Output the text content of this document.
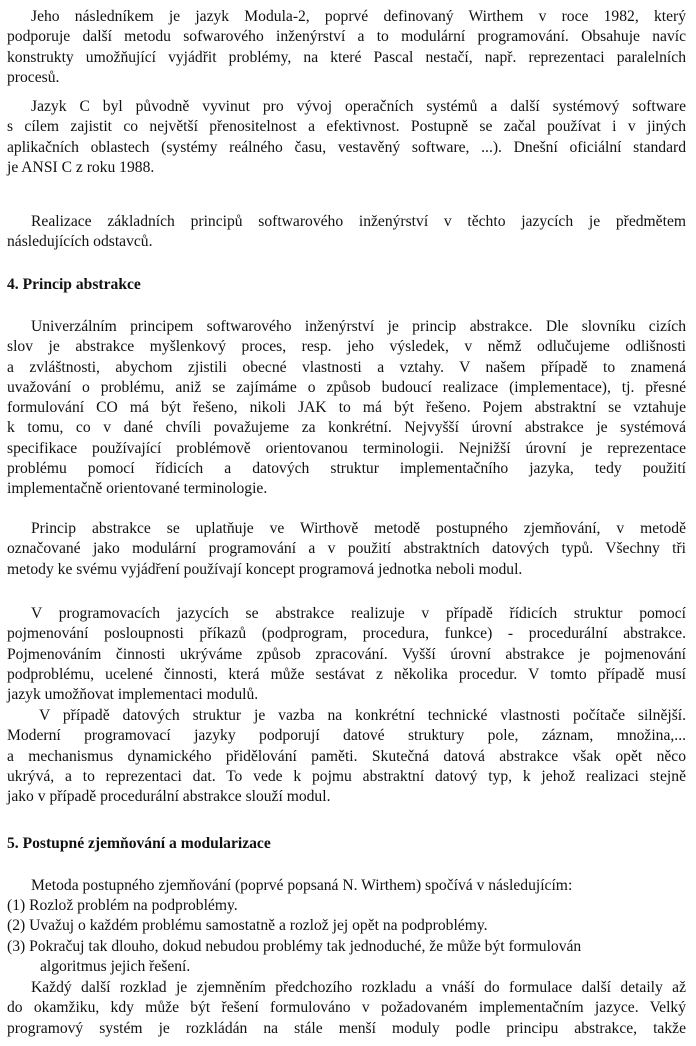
Jeho následníkem je jazyk Modula-2, poprvé definovaný Wirthem v roce 1982, který
podporuje další metodu sofwarového inženýrství a to modulární programování. Obsahuje navíc
konstrukty umožňující vyjádřit problémy, na které Pascal nestačí, např. reprezentaci paralelních
procesů.
Jazyk C byl původně vyvinut pro vývoj operačních systémů a další systémový software
s cílem zajistit co největší přenositelnost a efektivnost. Postupně se začal používat i v jiných
aplikačních oblastech (systémy reálného času, vestavěný software, ...). Dnešní oficiální standard
je ANSI C z roku 1988.
Realizace základních principů softwarového inženýrství v těchto jazycích je předmětem
následujících odstavců.
4. Princip abstrakce
Univerzálním principem softwarového inženýrství je princip abstrakce. Dle slovníku cizích
slov je abstrakce myšlenkový proces, resp. jeho výsledek, v němž odlučujeme odlišnosti
a zvláštnosti, abychom zjistili obecné vlastnosti a vztahy. V našem případě to znamená
uvažování o problému, aniž se zajímáme o způsob budoucí realizace (implementace), tj. přesné
formulování CO má být řešeno, nikoli JAK to má být řešeno. Pojem abstraktní se vztahuje
k tomu, co v dané chvíli považujeme za konkrétní. Nejvyšší úrovní abstrakce je systémová
specifikace používající problémově orientovanou terminologii. Nejnižší úrovní je reprezentace
problému pomocí řídicích a datových struktur implementačního jazyka, tedy použití
implementačně orientované terminologie.
Princip abstrakce se uplatňuje ve Wirthově metodě postupného zjemňování, v metodě
označované jako modulární programování a v použití abstraktních datových typů. Všechny tři
metody ke svému vyjádření používají koncept programová jednotka neboli modul.
V programovacích jazycích se abstrakce realizuje v případě řídicích struktur pomocí
pojmenování posloupnosti příkazů (podprogram, procedura, funkce) - procedurální abstrakce.
Pojmenováním činnosti ukrýváme způsob zpracování. Vyšší úrovní abstrakce je pojmenování
podproblému, ucelené činnosti, která může sestávat z několika procedur. V tomto případě musí
jazyk umožňovat implementaci modulů.
V případě datových struktur je vazba na konkrétní technické vlastnosti počítače silnější.
Moderní programovací jazyky podporují datové struktury pole, záznam, množina,...
a mechanismus dynamického přidělování paměti. Skutečná datová abstrakce však opět něco
ukrývá, a to reprezentaci dat. To vede k pojmu abstraktní datový typ, k jehož realizaci stejně
jako v případě procedurální abstrakce slouží modul.
5. Postupné zjemňování a modularizace
Metoda postupného zjemňování (poprvé popsaná N. Wirthem) spočívá v následujícím:
(1) Rozlož problém na podproblémy.
(2) Uvažuj o každém problému samostatně a rozlož jej opět na podproblémy.
(3) Pokračuj tak dlouho, dokud nebudou problémy tak jednoduché, že může být formulován
algoritmus jejich řešení.
Každý další rozklad je zjemněním předchozího rozkladu a vnáší do formulace další detaily až
do okamžiku, kdy může být řešení formulováno v požadovaném implementačním jazyce. Velký
programový systém je rozkládán na stále menší moduly podle principu abstrakce, takže
